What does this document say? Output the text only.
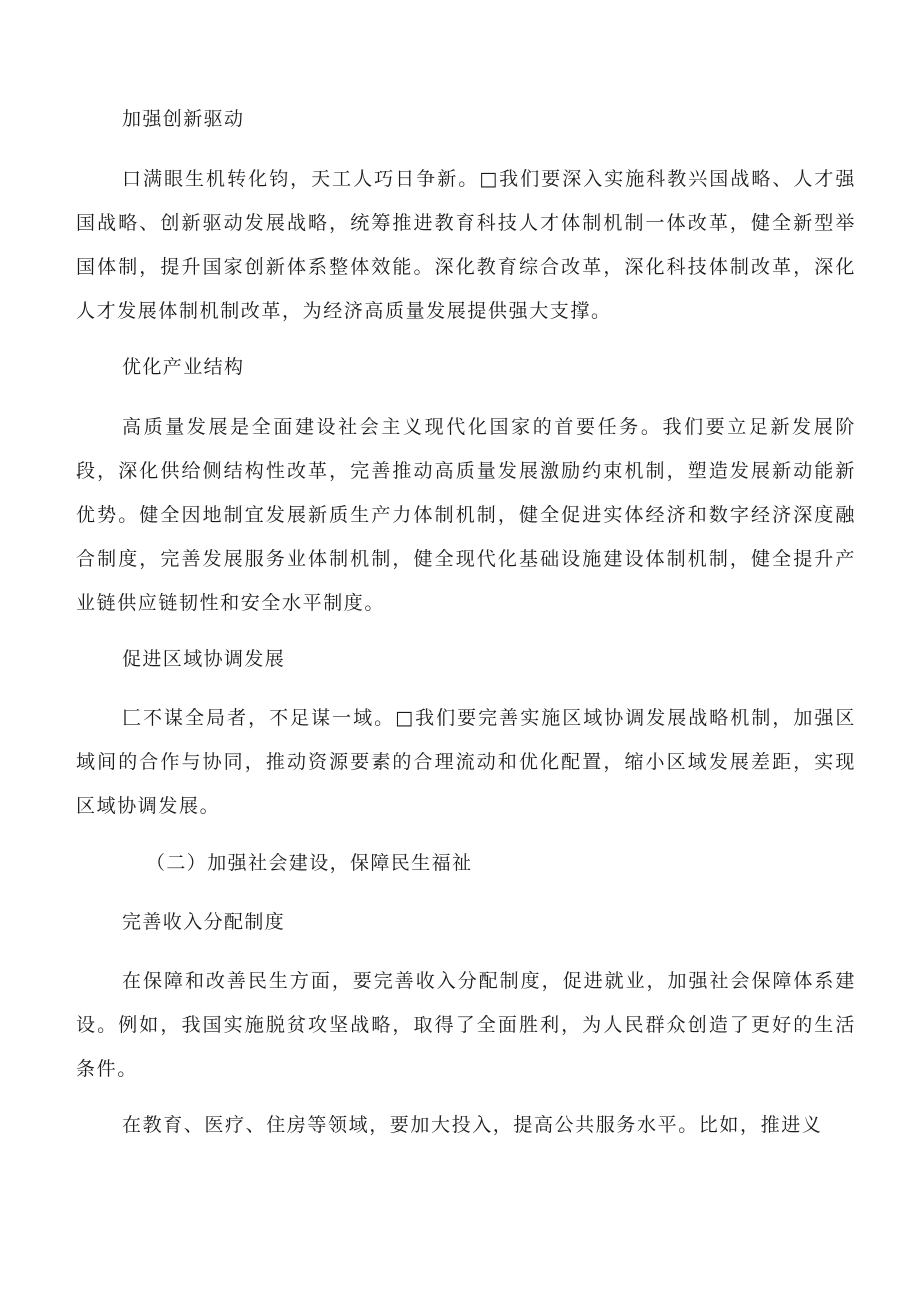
加强创新驱动

口满眼生机转化钧，天工人巧日争新。□我们要深入实施科教兴国战略、人才强国战略、创新驱动发展战略，统筹推进教育科技人才体制机制一体改革，健全新型举国体制，提升国家创新体系整体效能。深化教育综合改革，深化科技体制改革，深化人才发展体制机制改革，为经济高质量发展提供强大支撑。

优化产业结构

高质量发展是全面建设社会主义现代化国家的首要任务。我们要立足新发展阶段，深化供给侧结构性改革，完善推动高质量发展激励约束机制，塑造发展新动能新优势。健全因地制宜发展新质生产力体制机制，健全促进实体经济和数字经济深度融合制度，完善发展服务业体制机制，健全现代化基础设施建设体制机制，健全提升产业链供应链韧性和安全水平制度。

促进区域协调发展

匚不谋全局者，不足谋一域。□我们要完善实施区域协调发展战略机制，加强区域间的合作与协同，推动资源要素的合理流动和优化配置，缩小区域发展差距，实现区域协调发展。

（二）加强社会建设，保障民生福祉

完善收入分配制度

在保障和改善民生方面，要完善收入分配制度，促进就业，加强社会保障体系建设。例如，我国实施脱贫攻坚战略，取得了全面胜利，为人民群众创造了更好的生活条件。

在教育、医疗、住房等领域，要加大投入，提高公共服务水平。比如，推进义
